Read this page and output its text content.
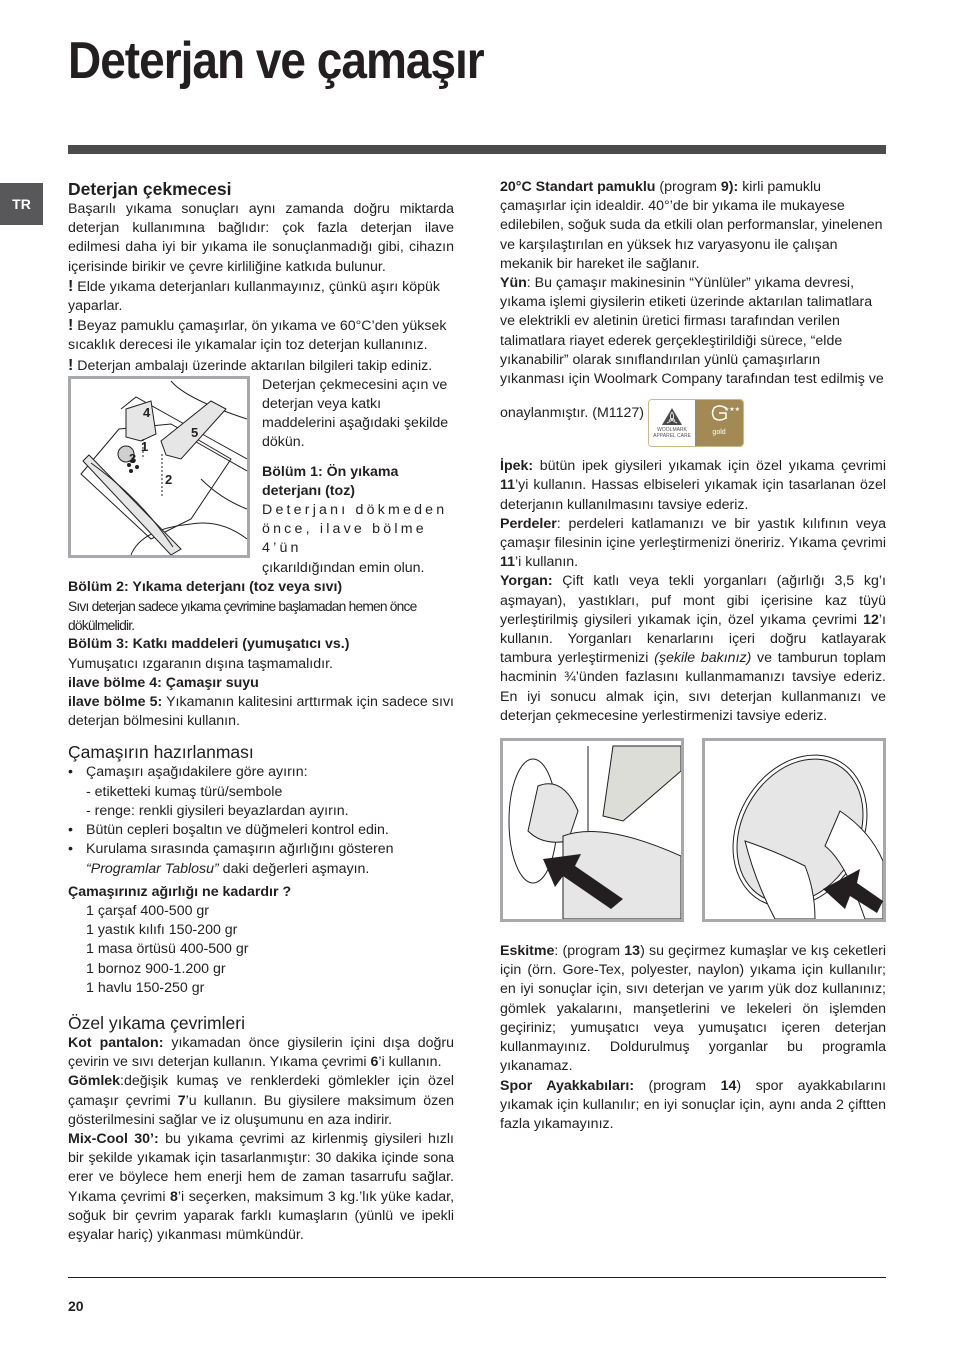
Deterjan ve çamaşır
TR
Deterjan çekmecesi

Başarılı yıkama sonuçları aynı zamanda doğru miktarda deterjan kullanımına bağlıdır: çok fazla deterjan ilave edilmesi daha iyi bir yıkama ile sonuçlanmadığı gibi, cihazın içerisinde birikir ve çevre kirliliğine katkıda bulunur.

! Elde yıkama deterjanları kullanmayınız, çünkü aşırı köpük yaparlar.

! Beyaz pamuklu çamaşırlar, ön yıkama ve 60°C’den yüksek sıcaklık derecesi ile yıkamalar için toz deterjan kullanınız.

! Deterjan ambalajı üzerinde aktarılan bilgileri takip ediniz.

4
5
1
3
2

Deterjan çekmecesini açın ve deterjan veya katkı maddelerini aşağıdaki şekilde dökün.

Bölüm 1: Ön yıkama deterjanı (toz)

Deterjanı dökmeden önce, ilave bölme 4’ün

çıkarıldığından emin olun.

Bölüm 2: Yıkama deterjanı (toz veya sıvı)

Sıvı deterjan sadece yıkama çevrimine başlamadan hemen önce dökülmelidir.

Bölüm 3: Katkı maddeleri (yumuşatıcı vs.)

Yumuşatıcı ızgaranın dışına taşmamalıdır.

ilave bölme 4: Çamaşır suyu

ilave bölme 5: Yıkamanın kalitesini arttırmak için sadece sıvı deterjan bölmesini kullanın.

Çamaşırın hazırlanması
• Çamaşırı aşağıdakilere göre ayırın:
- etiketteki kumaş türü/sembole
- renge: renkli giysileri beyazlardan ayırın.
• Bütün cepleri boşaltın ve düğmeleri kontrol edin.
• Kurulama sırasında çamaşırın ağırlığını gösteren “Programlar Tablosu” daki değerleri aşmayın.

Çamaşırınız ağırlığı ne kadardır ?

1 çarşaf 400-500 gr
1 yastık kılıfı 150-200 gr
1 masa örtüsü 400-500 gr
1 bornoz 900-1.200 gr
1 havlu 150-250 gr
Özel yıkama çevrimleri

Kot pantalon: yıkamadan önce giysilerin içini dışa doğru çevirin ve sıvı deterjan kullanın. Yıkama çevrimi 6’i kullanın.

Gömlek:değişik kumaş ve renklerdeki gömlekler için özel çamaşır çevrimi 7’u kullanın. Bu giysilere maksimum özen gösterilmesini sağlar ve iz oluşumunu en aza indirir.

Mix-Cool 30’: bu yıkama çevrimi az kirlenmiş giysileri hızlı bir şekilde yıkamak için tasarlanmıştır: 30 dakika içinde sona erer ve böylece hem enerji hem de zaman tasarrufu sağlar. Yıkama çevrimi 8’i seçerken, maksimum 3 kg.’lık yüke kadar, soğuk bir çevrim yaparak farklı kumaşların (yünlü ve ipekli eşyalar hariç) yıkanması mümkündür.

20°C Standart pamuklu (program 9): kirli pamuklu çamaşırlar için idealdir. 40°’de bir yıkama ile mukayese edilebilen, soğuk suda da etkili olan performanslar, yinelenen ve karşılaştırılan en yüksek hız varyasyonu ile çalışan mekanik bir hareket ile sağlanır.

Yün: Bu çamaşır makinesinin “Yünlüler” yıkama devresi, yıkama işlemi giysilerin etiketi üzerinde aktarılan talimatlara ve elektrikli ev aletinin üretici firması tarafından verilen talimatlara riayet ederek gerçekleştirildiği sürece, “elde yıkanabilir” olarak sınıflandırılan yünlü çamaşırların yıkanması için Woolmark Company tarafından test edilmiş ve onaylanmıştır. (M1127)
WOOLMARK
APPAREL CARE
★★★
gold

İpek: bütün ipek giysileri yıkamak için özel yıkama çevrimi 11’yi kullanın. Hassas elbiseleri yıkamak için tasarlanan özel deterjanın kullanılmasını tavsiye ederiz.

Perdeler: perdeleri katlamanızı ve bir yastık kılıfının veya çamaşır filesinin içine yerleştirmenizi öneririz. Yıkama çevrimi 11’i kullanın.

Yorgan: Çift katlı veya tekli yorganları (ağırlığı 3,5 kg’ı aşmayan), yastıkları, puf mont gibi içerisine kaz tüyü yerleştirilmiş giysileri yıkamak için, özel yıkama çevrimi 12’ı kullanın. Yorganları kenarlarını içeri doğru katlayarak tambura yerleştirmenizi (şekile bakınız) ve tamburun toplam hacminin ¾’ünden fazlasını kullanmamanızı tavsiye ederiz. En iyi sonucu almak için, sıvı deterjan kullanmanızı ve deterjan çekmecesine yerlestirmenizi tavsiye ederiz.

Eskitme: (program 13) su geçirmez kumaşlar ve kış ceketleri için (örn. Gore-Tex, polyester, naylon) yıkama için kullanılır; en iyi sonuçlar için, sıvı deterjan ve yarım yük doz kullanınız; gömlek yakalarını, manşetlerini ve lekeleri ön işlemden geçiriniz; yumuşatıcı veya yumuşatıcı içeren deterjan kullanmayınız. Doldurulmuş yorganlar bu programla yıkanamaz.

Spor Ayakkabıları: (program 14) spor ayakkabılarını yıkamak için kullanılır; en iyi sonuçlar için, aynı anda 2 çiftten fazla yıkamayınız.

20
